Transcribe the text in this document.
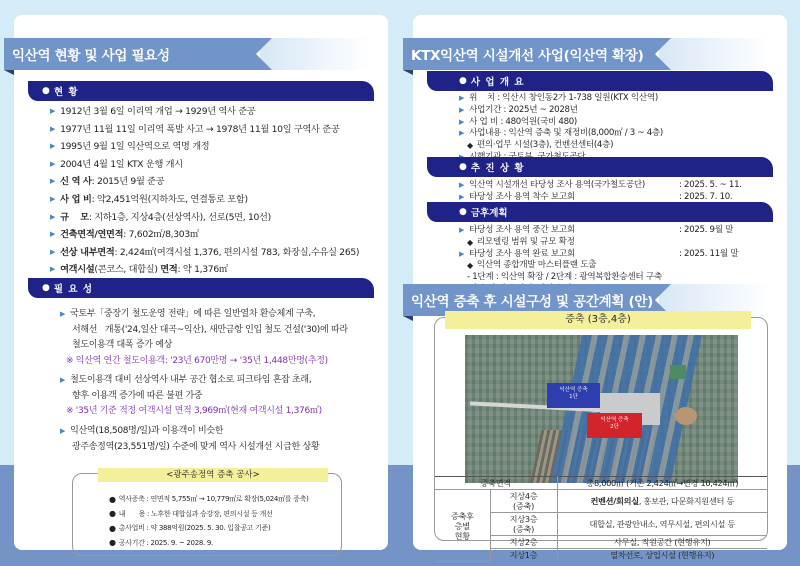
익산역 현황 및 사업 필요성
● 현 황
▶ 1912년 3월 6일 이리역 개업 → 1929년 역사 준공
▶ 1977년 11월 11일 이리역 폭발 사고 → 1978년 11월 10일 구역사 준공
▶ 1995년 9월 1일 익산역으로 역명 개정
▶ 2004년 4월 1일 KTX 운행 개시
▶ 신 역 사 : 2015년 9월 준공
▶ 사 업 비 : 약2,451억원(지하차도, 연결통로 포함)
▶ 규    모 : 지하1층, 지상4층(선상역사), 선로(5면, 10선)
▶ 건축면적/연면적 : 7,602㎡/8,303㎡
▶ 선상 내부면적 : 2,424㎡(여객시설 1,376, 편의시설 783, 화장실,수유실 265)
▶ 여객시설 (콘코스, 대합실) 면적 : 약 1,376㎡
● 필 요 성
▶ 국토부「중장기 철도운영 전략」에 따른 일반열차 환승체계 구축,
서해선   개통('24,일산 대곡~익산), 새만금항 인입 철도 건설('30)에 따라
철도이용객 대폭 증가 예상
※ 익산역 연간 철도이용객: '23년 670만명 → '35년 1,448만명(추정)
▶ 철도이용객 대비 선상역사 내부 공간 협소로 피크타임 혼잡 초래,
향후 이용객 증가에 따른 불편 가중
※ '35년 기준 적정 여객시설 면적 3,969㎡(현재 여객시설 1,376㎡)
▶ 익산역(18,508명/일)과 이용객이 비슷한
광주송정역(23,551명/일) 수준에 맞게 역사 시설개선 시급한 상황
<광주송정역 증축 공사>
● 역사증축 : 연면적 5,755㎡ → 10,779㎡로 확장(5,024㎡를 증축)
● 내       용 : 노후한 대합실과 승강장, 편의시설 등 개선
● 총사업비 : 약 388억원(2025. 5. 30. 입찰공고 기준)
● 공사기간 : 2025. 9. ~ 2028. 9.
KTX익산역 시설개선 사업(익산역 확장)
● 사 업 개 요
▶ 위    치 : 익산시 창인동2가 1-738 일원(KTX 익산역)
▶ 사업기간 : 2025년 ~ 2028년
▶ 사 업 비 : 480억원(국비 480)
▶ 사업내용 : 익산역 증축 및 재정비(8,000㎡ / 3 ~ 4층)
◆ 편의·업무 시설(3층), 컨벤션센터(4층)
● 추 진 상 황
▶ 익산역 시설개선 타당성 조사 용역(국가철도공단)	: 2025. 5. ~ 11.
▶ 타당성 조사 용역 착수 보고회	: 2025. 7. 10.
● 금후계획
▶ 타당성 조사 용역 중간 보고회	: 2025. 9월 말
◆ 리모델링 범위 및 규모 확정
▶ 타당성 조사 용역 완료 보고회	: 2025. 11월 말
◆ 익산역 종합개발 마스터플랜 도출
- 1단계 : 익산역 확장 / 2단계 : 광역복합환승센터 구축
익산역 증축 후 시설구성 및 공간계획 (안)
증축 (3층,4층)
익산역 증축
1단
익산역 증축
2단
증축면적		총8,000㎡ (기존 2,424㎡→변경 10,424㎡)

증축후
층별
현황

지상4층
(증축)	컨벤션/회의실, 홍보관, 다문화지원센터 등

	지상3층
(증축)	대합실, 관광안내소, 역무시설, 편의시설 등
	지상2층	사무실, 직원공간 (현행유지)
	지상1층	열차선로, 상업시설 (현행유지)
